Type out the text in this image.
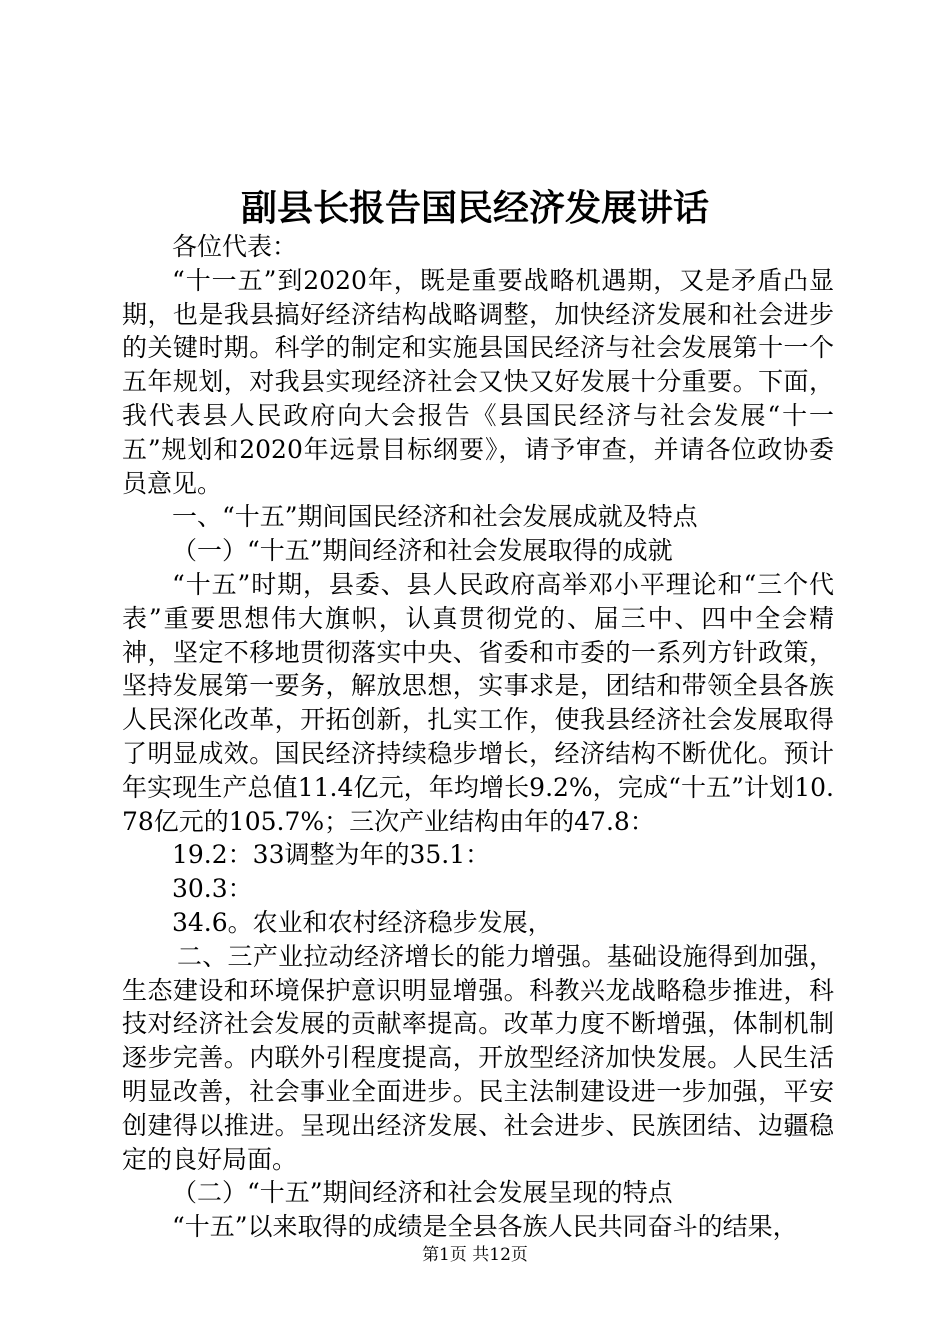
副县长报告国民经济发展讲话

各位代表：

“十一五”到2020年，既是重要战略机遇期，又是矛盾凸显期，也是我县搞好经济结构战略调整，加快经济发展和社会进步的关键时期。科学的制定和实施县国民经济与社会发展第十一个五年规划，对我县实现经济社会又快又好发展十分重要。下面，我代表县人民政府向大会报告《县国民经济与社会发展“十一五”规划和2020年远景目标纲要》，请予审查，并请各位政协委员意见。

一、“十五”期间国民经济和社会发展成就及特点

（一）“十五”期间经济和社会发展取得的成就

“十五”时期，县委、县人民政府高举邓小平理论和“三个代表”重要思想伟大旗帜，认真贯彻党的、届三中、四中全会精神，坚定不移地贯彻落实中央、省委和市委的一系列方针政策，坚持发展第一要务，解放思想，实事求是，团结和带领全县各族人民深化改革，开拓创新，扎实工作，使我县经济社会发展取得了明显成效。国民经济持续稳步增长，经济结构不断优化。预计年实现生产总值11.4亿元，年均增长9.2%，完成“十五”计划10.78亿元的105.7%；三次产业结构由年的47.8：

19.2：33调整为年的35.1：

30.3：

34.6。农业和农村经济稳步发展，

二、三产业拉动经济增长的能力增强。基础设施得到加强，生态建设和环境保护意识明显增强。科教兴龙战略稳步推进，科技对经济社会发展的贡献率提高。改革力度不断增强，体制机制逐步完善。内联外引程度提高，开放型经济加快发展。人民生活明显改善，社会事业全面进步。民主法制建设进一步加强，平安创建得以推进。呈现出经济发展、社会进步、民族团结、边疆稳定的良好局面。

（二）“十五”期间经济和社会发展呈现的特点

“十五”以来取得的成绩是全县各族人民共同奋斗的结果，

第1页 共12页
